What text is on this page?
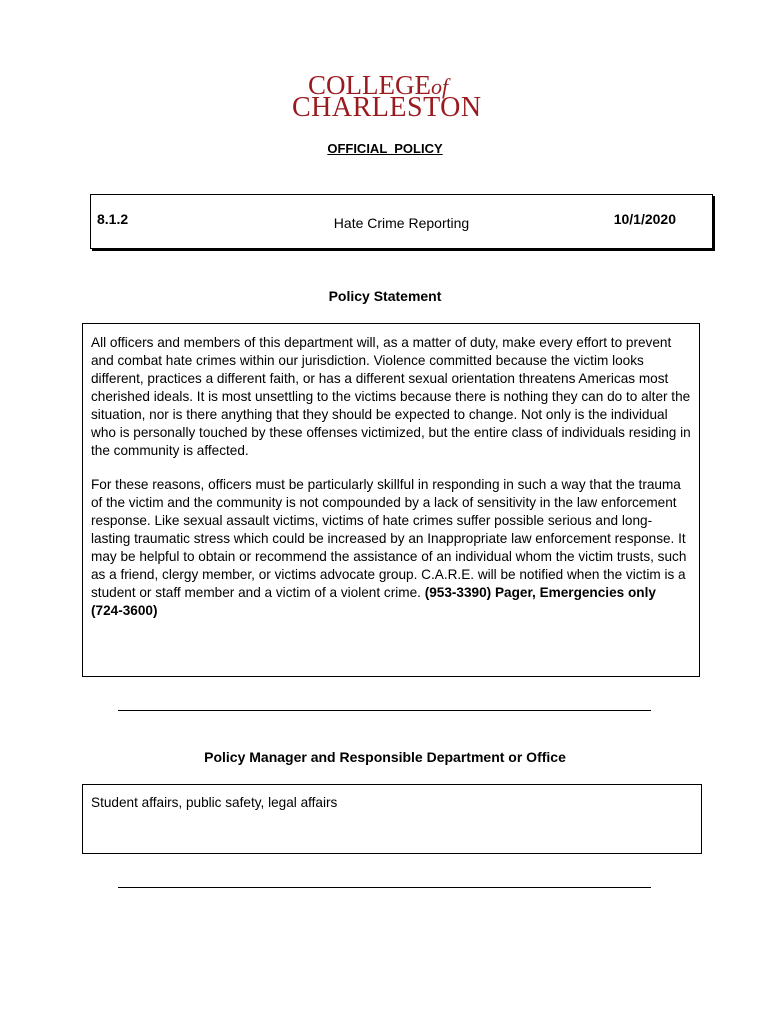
COLLEGEof
CHARLESTON
OFFICIAL  POLICY
8.1.2	Hate Crime Reporting	10/1/2020
Policy Statement

All officers and members of this department will, as a matter of duty, make every effort to prevent and combat hate crimes within our jurisdiction. Violence committed because the victim looks different, practices a different faith, or has a different sexual orientation threatens Americas most cherished ideals. It is most unsettling to the victims because there is nothing they can do to alter the situation, nor is there anything that they should be expected to change. Not only is the individual who is personally touched by these offenses victimized, but the entire class of individuals residing in the community is affected.

For these reasons, officers must be particularly skillful in responding in such a way that the trauma of the victim and the community is not compounded by a lack of sensitivity in the law enforcement response. Like sexual assault victims, victims of hate crimes suffer possible serious and long-lasting traumatic stress which could be increased by an Inappropriate law enforcement response. It may be helpful to obtain or recommend the assistance of an individual whom the victim trusts, such as a friend, clergy member, or victims advocate group. C.A.R.E. will be notified when the victim is a student or staff member and a victim of a violent crime. (953-3390) Pager, Emergencies only (724-3600)

Policy Manager and Responsible Department or Office
Student affairs, public safety, legal affairs
